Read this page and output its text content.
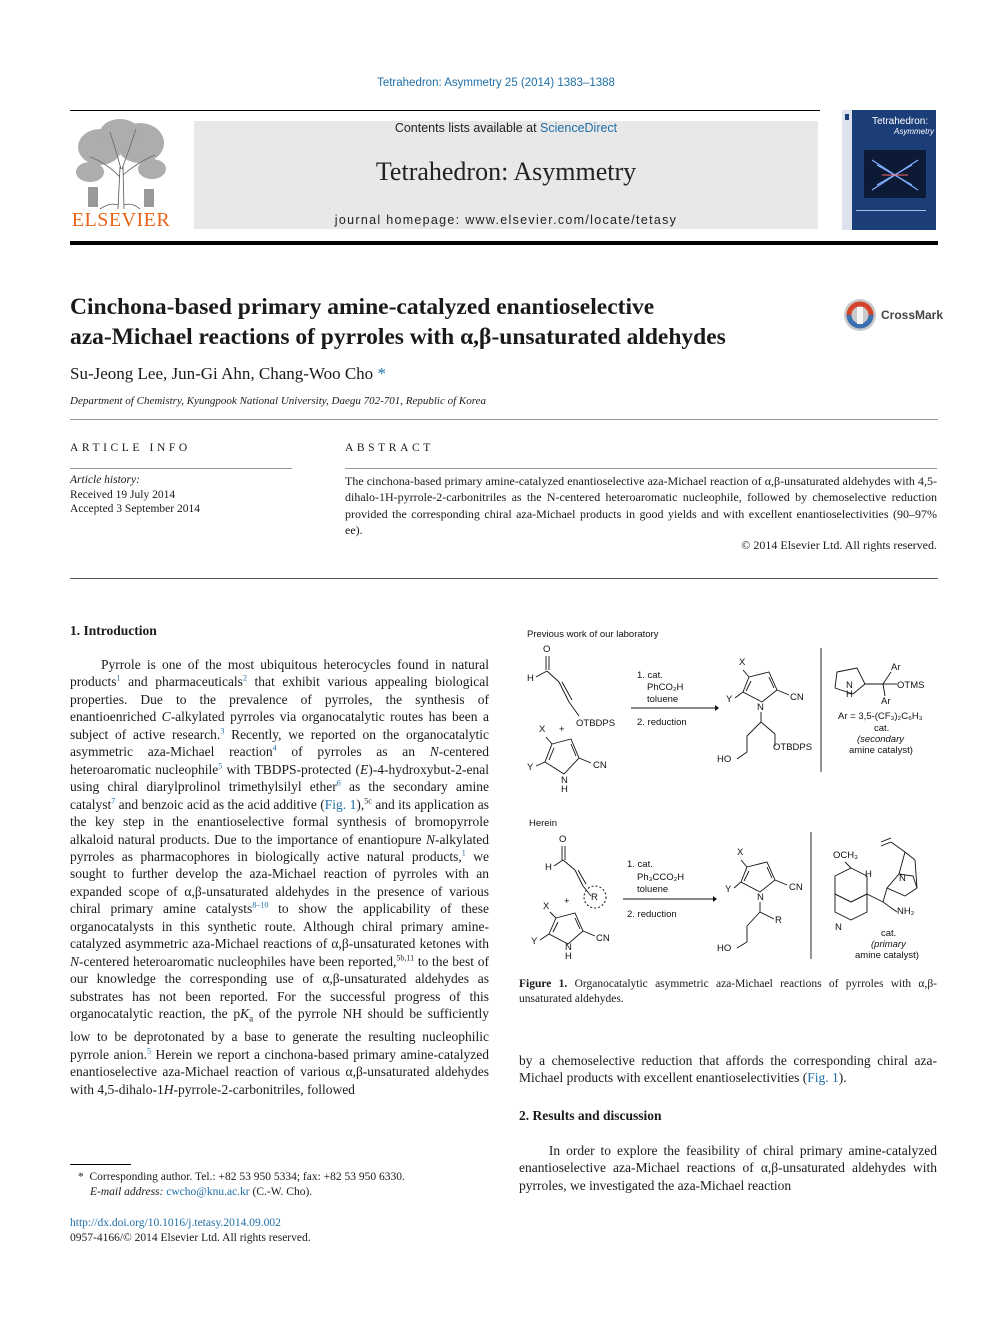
Tetrahedron: Asymmetry 25 (2014) 1383–1388
ELSEVIER
Contents lists available at ScienceDirect
Tetrahedron: Asymmetry
journal homepage: www.elsevier.com/locate/tetasy
Tetrahedron:
Asymmetry
Cinchona-based primary amine-catalyzed enantioselective
aza-Michael reactions of pyrroles with α,β-unsaturated aldehydes
CrossMark
Su-Jeong Lee, Jun-Gi Ahn, Chang-Woo Cho *
Department of Chemistry, Kyungpook National University, Daegu 702-701, Republic of Korea
ARTICLE INFO
Article history:
Received 19 July 2014
Accepted 3 September 2014
ABSTRACT
The cinchona-based primary amine-catalyzed enantioselective aza-Michael reaction of α,β-unsaturated aldehydes with 4,5-dihalo-1H-pyrrole-2-carbonitriles as the N-centered heteroaromatic nucleophile, followed by chemoselective reduction provided the corresponding chiral aza-Michael products in good yields and with excellent enantioselectivities (90–97% ee).
© 2014 Elsevier Ltd. All rights reserved.
1. Introduction

Pyrrole is one of the most ubiquitous heterocycles found in natural products$^1$ and pharmaceuticals$^2$ that exhibit various appealing biological properties. Due to the prevalence of pyrroles, the synthesis of enantioenriched C-alkylated pyrroles via organocatalytic routes has been a subject of active research.$^3$ Recently, we reported on the organocatalytic asymmetric aza-Michael reaction$^4$ of pyrroles as an N-centered heteroaromatic nucleophile$^5$ with TBDPS-protected (E)-4-hydroxybut-2-enal using chiral diarylprolinol trimethylsilyl ether$^6$ as the secondary amine catalyst$^7$ and benzoic acid as the acid additive (Fig. 1),$^{5c}$ and its application as the key step in the enantioselective formal synthesis of bromopyrrole alkaloid natural products. Due to the importance of enantiopure N-alkylated pyrroles as pharmacophores in biologically active natural products,$^1$ we sought to further develop the aza-Michael reaction of pyrroles with an expanded scope of α,β-unsaturated aldehydes in the presence of various chiral primary amine catalysts$^{8-10}$ to show the applicability of these organocatalysts in this synthetic route. Although chiral primary amine-catalyzed asymmetric aza-Michael reactions of α,β-unsaturated ketones with N-centered heteroaromatic nucleophiles have been reported,$^{5b,11}$ to the best of our knowledge the corresponding use of α,β-unsaturated aldehydes as substrates has not been reported. For the successful progress of this organocatalytic reaction, the $pK_a$ of the pyrrole NH should be sufficiently low to be deprotonated by a base to generate the resulting nucleophilic pyrrole anion.$^5$ Herein we report a cinchona-based primary amine-catalyzed enantioselective aza-Michael reaction of various α,β-unsaturated aldehydes with 4,5-dihalo-1H-pyrrole-2-carbonitriles, followed

* Corresponding author. Tel.: +82 53 950 5334; fax: +82 53 950 6330.
E-mail address: cwcho@knu.ac.kr (C.-W. Cho).
http://dx.doi.org/10.1016/j.tetasy.2014.09.002
0957-4166/© 2014 Elsevier Ltd. All rights reserved.
Previous work of our laboratory
O
H
OTBDPS
+
X
Y
N
H
CN
1. cat.
PhCO₂H
toluene
2. reduction
X
Y
N
CN
HO
OTBDPS
Ar
OTMS
Ar
N
H
Ar = 3,5-(CF₃)₂C₆H₃
cat.
(secondary
amine catalyst)
Herein
O
H
R
+
X
Y
N
H
CN
1. cat.
Ph₃CCO₂H
toluene
2. reduction
X
Y
N
CN
R
HO
OCH₃
H	N
NH₂
N
cat.
(primary
amine catalyst)
Figure 1. Organocatalytic asymmetric aza-Michael reactions of pyrroles with α,β-unsaturated aldehydes.

by a chemoselective reduction that affords the corresponding chiral aza-Michael products with excellent enantioselectivities (Fig. 1).

2. Results and discussion

In order to explore the feasibility of chiral primary amine-catalyzed enantioselective aza-Michael reactions of α,β-unsaturated aldehydes with pyrroles, we investigated the aza-Michael reaction
